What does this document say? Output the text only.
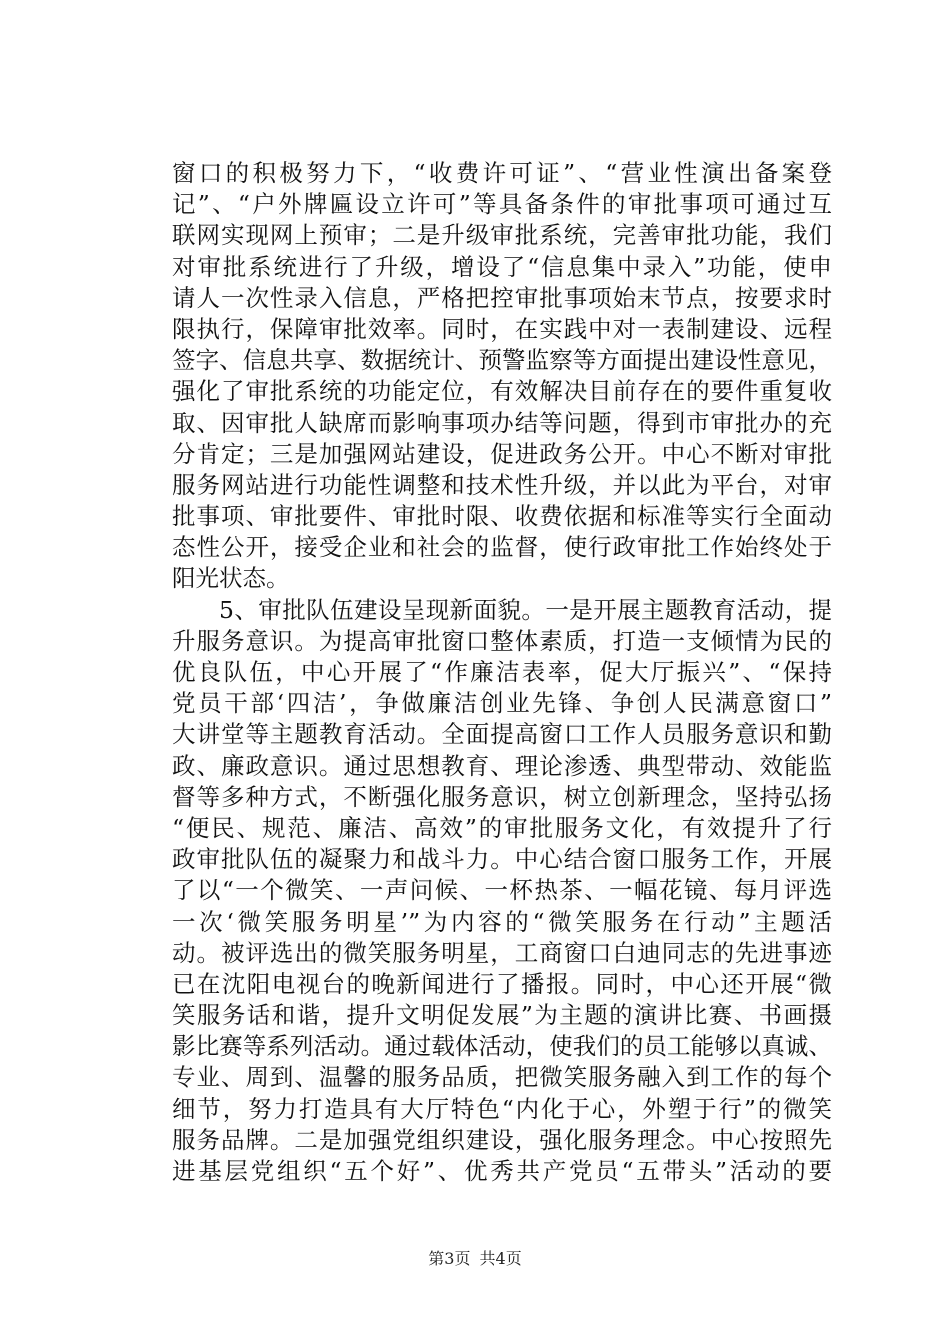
窗口的积极努力下，“收费许可证”、“营业性演出备案登
记”、“户外牌匾设立许可”等具备条件的审批事项可通过互
联网实现网上预审；二是升级审批系统，完善审批功能，我们
对审批系统进行了升级，增设了“信息集中录入”功能，使申
请人一次性录入信息，严格把控审批事项始末节点，按要求时
限执行，保障审批效率。同时，在实践中对一表制建设、远程
签字、信息共享、数据统计、预警监察等方面提出建设性意见，
强化了审批系统的功能定位，有效解决目前存在的要件重复收
取、因审批人缺席而影响事项办结等问题，得到市审批办的充
分肯定；三是加强网站建设，促进政务公开。中心不断对审批
服务网站进行功能性调整和技术性升级，并以此为平台，对审
批事项、审批要件、审批时限、收费依据和标准等实行全面动
态性公开，接受企业和社会的监督，使行政审批工作始终处于
阳光状态。
5、审批队伍建设呈现新面貌。一是开展主题教育活动，提
升服务意识。为提高审批窗口整体素质，打造一支倾情为民的
优良队伍，中心开展了“作廉洁表率，促大厅振兴”、“保持
党员干部‘四洁’，争做廉洁创业先锋、争创人民满意窗口”
大讲堂等主题教育活动。全面提高窗口工作人员服务意识和勤
政、廉政意识。通过思想教育、理论渗透、典型带动、效能监
督等多种方式，不断强化服务意识，树立创新理念，坚持弘扬
“便民、规范、廉洁、高效”的审批服务文化，有效提升了行
政审批队伍的凝聚力和战斗力。中心结合窗口服务工作，开展
了以“一个微笑、一声问候、一杯热茶、一幅花镜、每月评选
一次‘微笑服务明星’”为内容的“微笑服务在行动”主题活
动。被评选出的微笑服务明星，工商窗口白迪同志的先进事迹
已在沈阳电视台的晚新闻进行了播报。同时，中心还开展“微
笑服务话和谐，提升文明促发展”为主题的演讲比赛、书画摄
影比赛等系列活动。通过载体活动，使我们的员工能够以真诚、
专业、周到、温馨的服务品质，把微笑服务融入到工作的每个
细节，努力打造具有大厅特色“内化于心，外塑于行”的微笑
服务品牌。二是加强党组织建设，强化服务理念。中心按照先
进基层党组织“五个好”、优秀共产党员“五带头”活动的要
第3页 共4页
